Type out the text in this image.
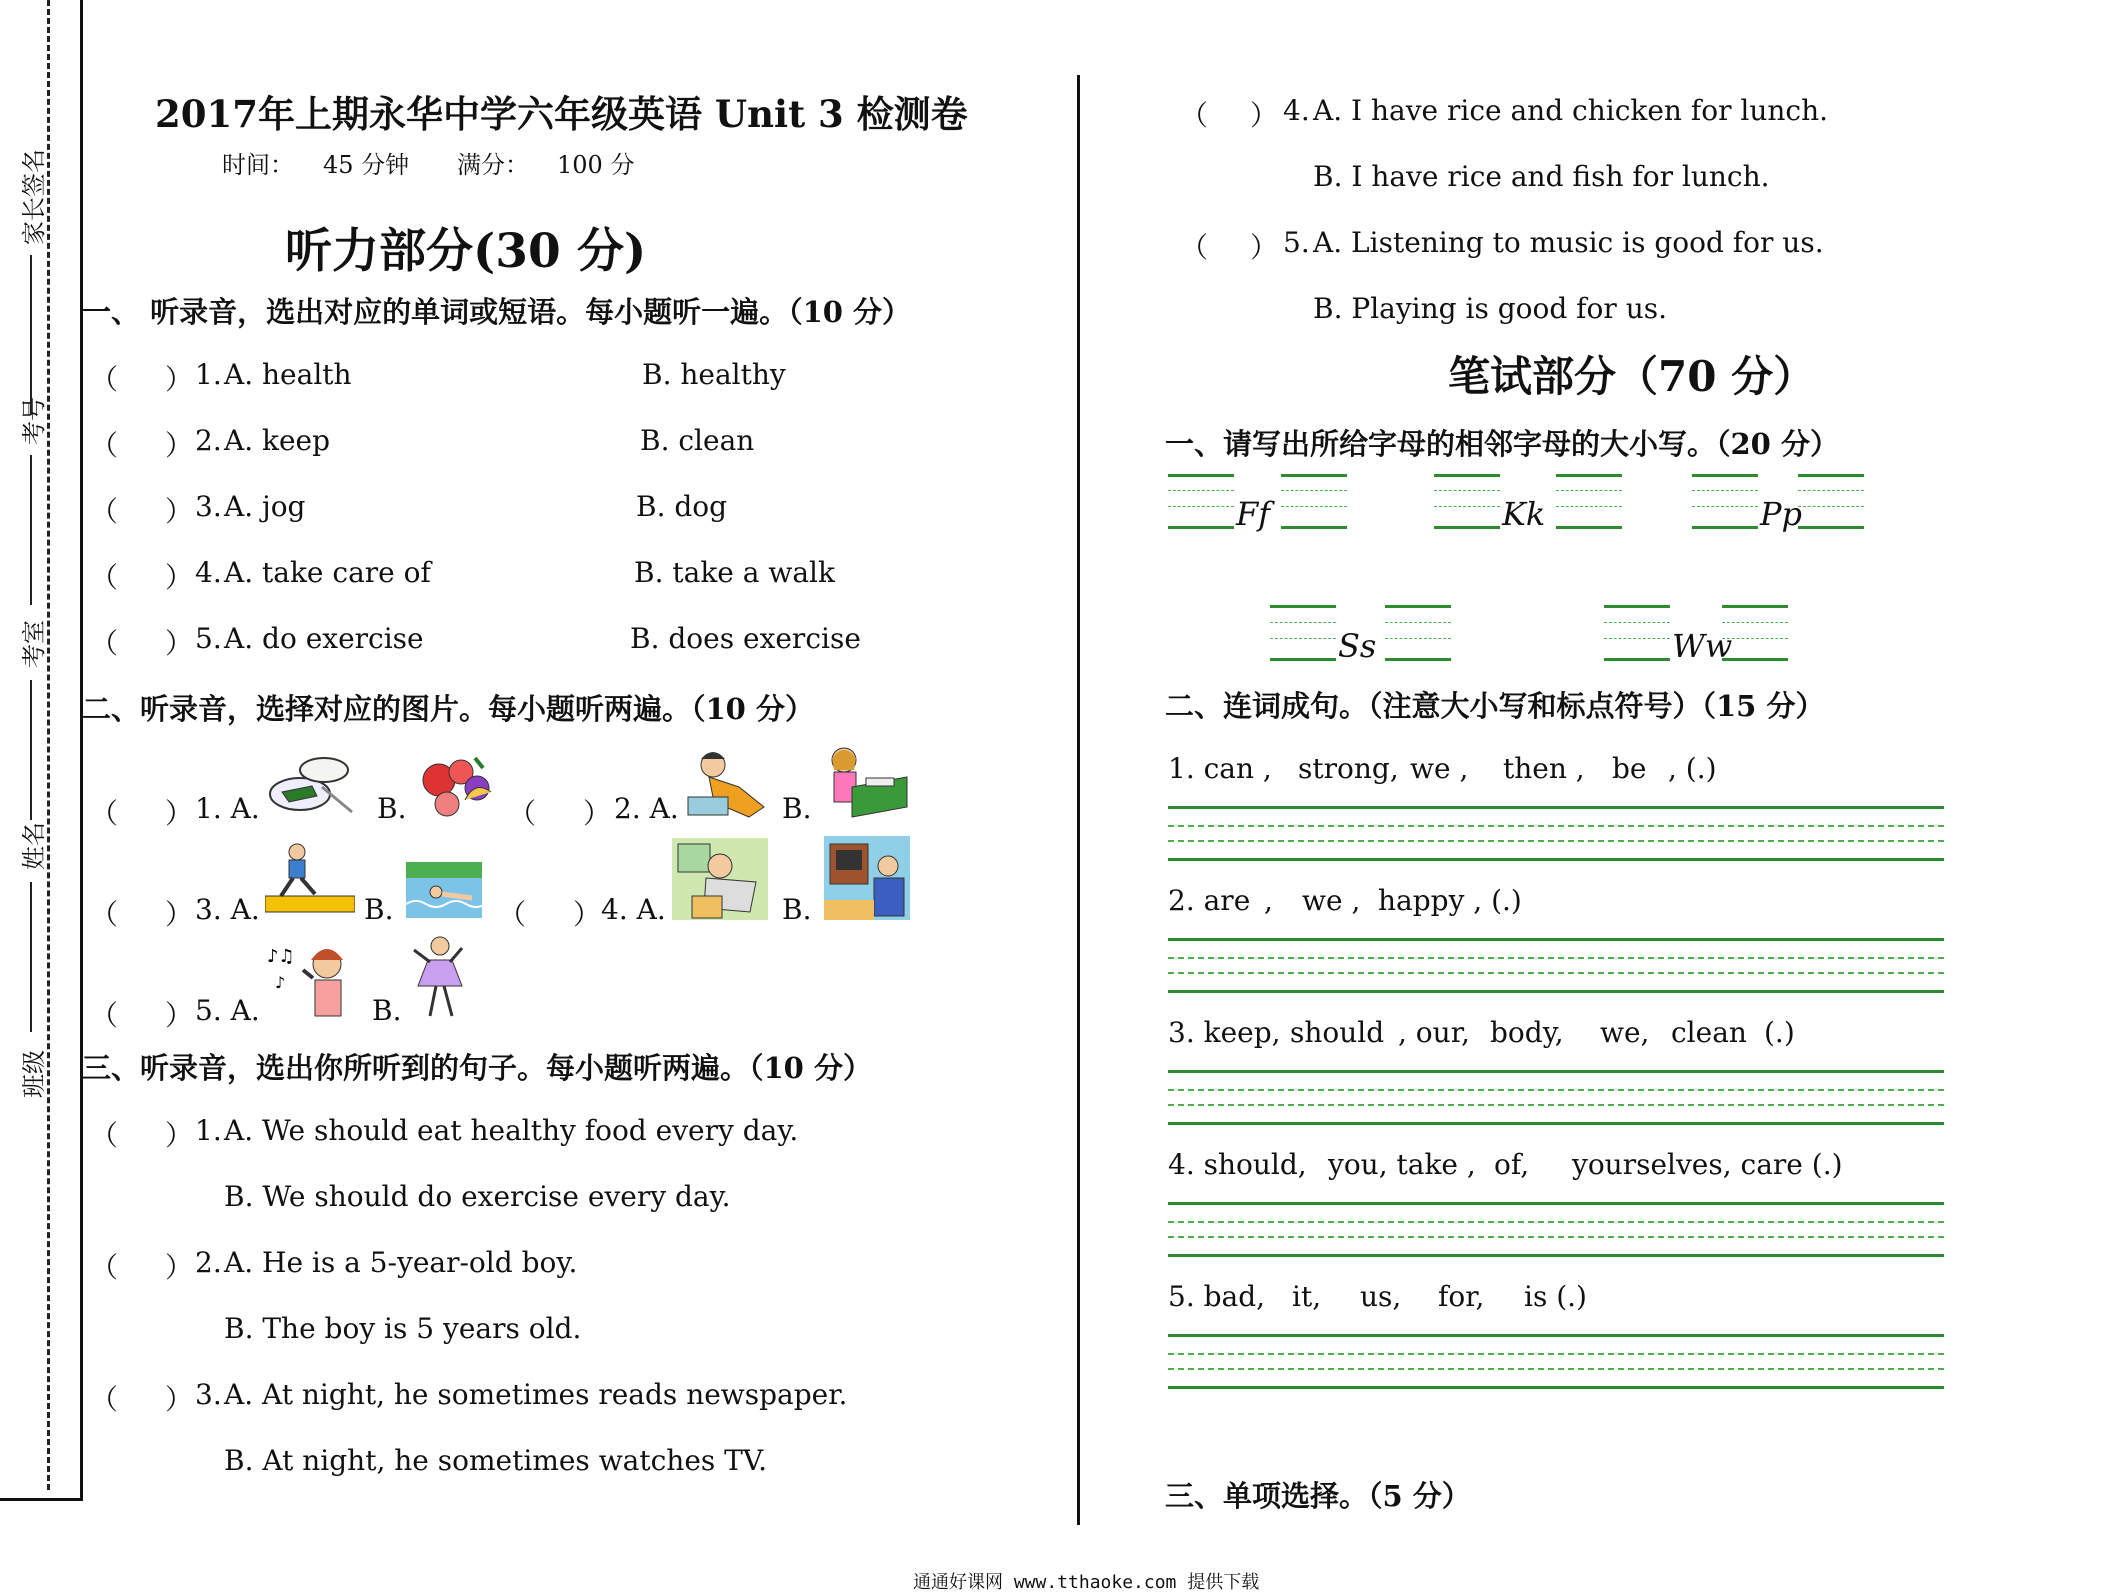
家长签名
考号
考室
姓名
班级
2017年上期永华中学六年级英语 Unit 3 检测卷
时间： 45 分钟 满分： 100 分
听力部分(30 分)
一、 听录音，选出对应的单词或短语。每小题听一遍。（10 分）
（ ） 1. A. health	B. healthy
（ ） 2. A. keep	B. clean
（ ） 3. A. jog	B. dog
（ ） 4. A. take care of	B. take a walk
（ ） 5. A. do exercise	B. does exercise
二、听录音，选择对应的图片。每小题听两遍。（10 分）
（ ） 1. A.	B.	（ ） 2. A.	B.
（ ） 3. A.	B.	（ ） 4. A.	B.
（ ） 5. A.
♪♫
♪
B.
三、听录音，选出你所听到的句子。每小题听两遍。（10 分）
（ ） 1. A. We should eat healthy food every day.
B. We should do exercise every day.
（ ） 2. A. He is a 5-year-old boy.
B. The boy is 5 years old.
（ ） 3. A. At night, he sometimes reads newspaper.
B. At night, he sometimes watches TV.
（ ） 4. A. I have rice and chicken for lunch.
B. I have rice and fish for lunch.
（ ） 5. A. Listening to music is good for us.
B. Playing is good for us.
笔试部分（70 分）
一、请写出所给字母的相邻字母的大小写。（20 分）
Ff	Kk	Pp
Ss	Ww
二、连词成句。（注意大小写和标点符号）（15 分）
1. can , strong, we , then , be , (.)
2. are , we , happy , (.)
3. keep, should , our, body, we, clean (.)
4. should, you, take , of, yourselves, care (.)
5. bad, it, us, for, is (.)
三、单项选择。（5 分）
通通好课网 www.tthaoke.com 提供下载
